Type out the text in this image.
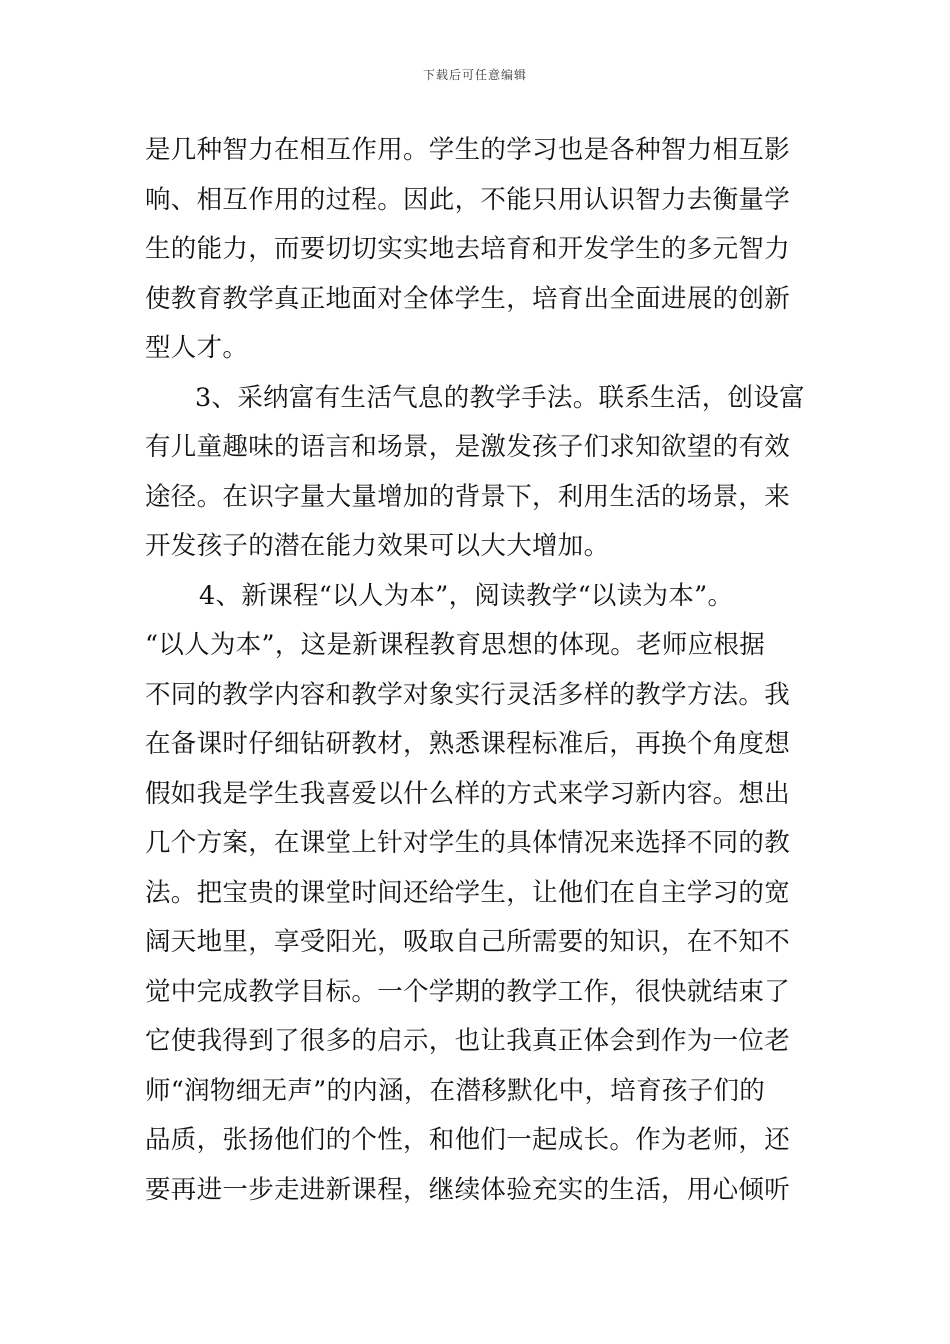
下载后可任意编辑
是几种智力在相互作用。学生的学习也是各种智力相互影
响、相互作用的过程。因此，不能只用认识智力去衡量学
生的能力，而要切切实实地去培育和开发学生的多元智力
使教育教学真正地面对全体学生，培育出全面进展的创新
型人才。
3、采纳富有生活气息的教学手法。联系生活，创设富
有儿童趣味的语言和场景，是激发孩子们求知欲望的有效
途径。在识字量大量增加的背景下，利用生活的场景，来
开发孩子的潜在能力效果可以大大增加。
4、新课程“以人为本”，阅读教学“以读为本”。
“以人为本”，这是新课程教育思想的体现。老师应根据
不同的教学内容和教学对象实行灵活多样的教学方法。我
在备课时仔细钻研教材，熟悉课程标准后，再换个角度想
假如我是学生我喜爱以什么样的方式来学习新内容。想出
几个方案，在课堂上针对学生的具体情况来选择不同的教
法。把宝贵的课堂时间还给学生，让他们在自主学习的宽
阔天地里，享受阳光，吸取自己所需要的知识，在不知不
觉中完成教学目标。一个学期的教学工作，很快就结束了
它使我得到了很多的启示，也让我真正体会到作为一位老
师“润物细无声”的内涵，在潜移默化中，培育孩子们的
品质，张扬他们的个性，和他们一起成长。作为老师，还
要再进一步走进新课程，继续体验充实的生活，用心倾听
